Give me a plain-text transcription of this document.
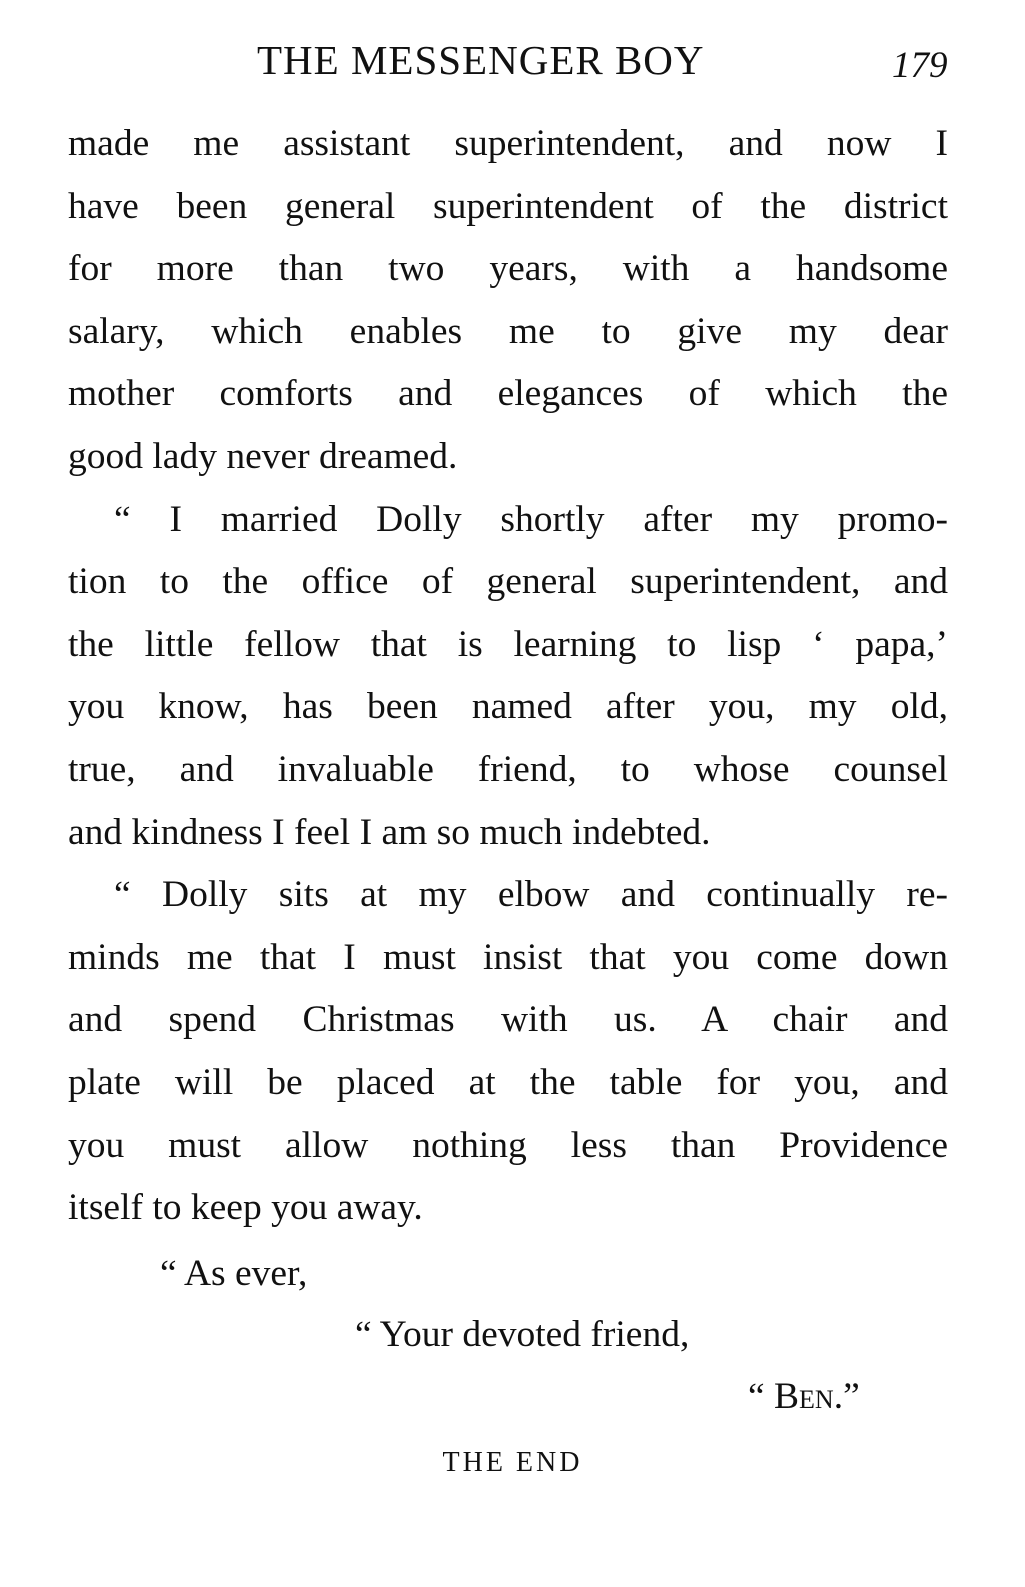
THE MESSENGER BOY	179

made me assistant superintendent, and now I
have been general superintendent of the district
for more than two years, with a handsome
salary, which enables me to give my dear
mother comforts and elegances of which the
good lady never dreamed.

“ I married Dolly shortly after my promo-
tion to the office of general superintendent, and
the little fellow that is learning to lisp ‘ papa,’
you know, has been named after you, my old,
true, and invaluable friend, to whose counsel
and kindness I feel I am so much indebted.

“ Dolly sits at my elbow and continually re-
minds me that I must insist that you come down
and spend Christmas with us. A chair and
plate will be placed at the table for you, and
you must allow nothing less than Providence
itself to keep you away.

“ As ever,
“ Your devoted friend,
“ Ben.”
THE END
